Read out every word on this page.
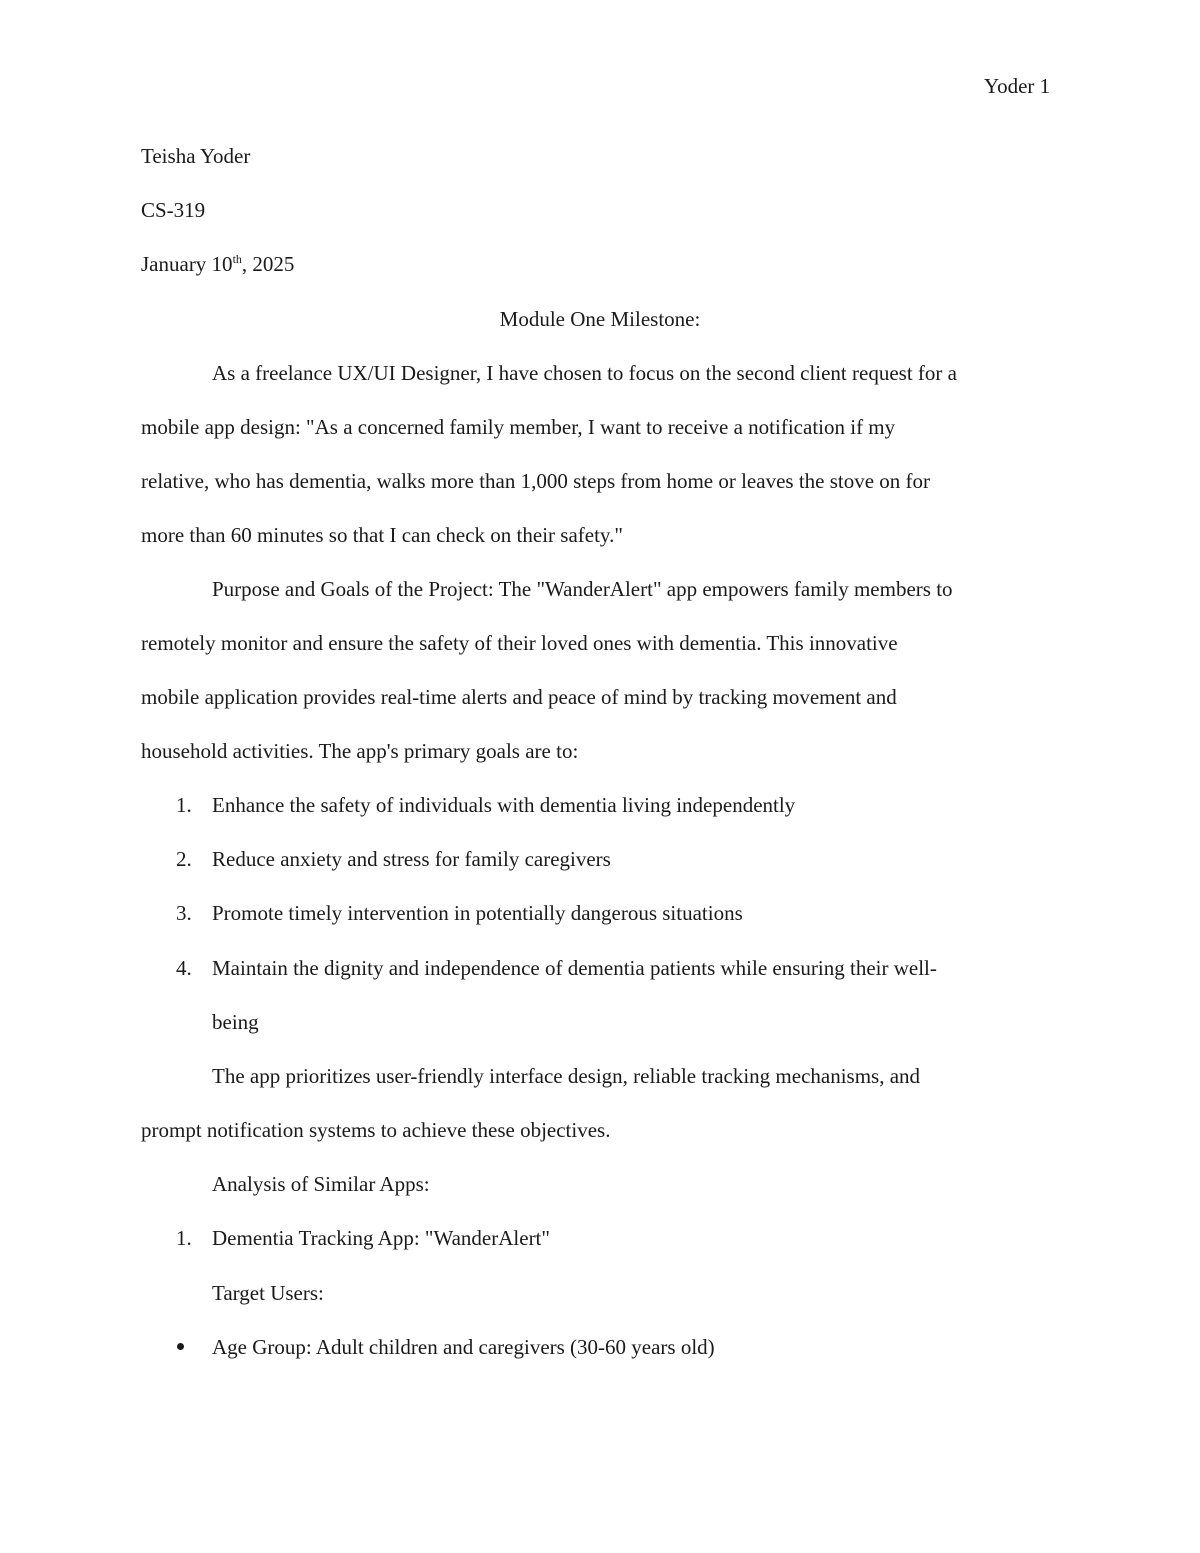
Yoder 1
Teisha Yoder
CS-319
January 10th, 2025
Module One Milestone:
As a freelance UX/UI Designer, I have chosen to focus on the second client request for a
mobile app design: "As a concerned family member, I want to receive a notification if my
relative, who has dementia, walks more than 1,000 steps from home or leaves the stove on for
more than 60 minutes so that I can check on their safety."
Purpose and Goals of the Project: The "WanderAlert" app empowers family members to
remotely monitor and ensure the safety of their loved ones with dementia. This innovative
mobile application provides real-time alerts and peace of mind by tracking movement and
household activities. The app's primary goals are to:
1. Enhance the safety of individuals with dementia living independently
2. Reduce anxiety and stress for family caregivers
3. Promote timely intervention in potentially dangerous situations
4. Maintain the dignity and independence of dementia patients while ensuring their well-
being
The app prioritizes user-friendly interface design, reliable tracking mechanisms, and
prompt notification systems to achieve these objectives.
Analysis of Similar Apps:
1. Dementia Tracking App: "WanderAlert"
Target Users:
Age Group: Adult children and caregivers (30-60 years old)
